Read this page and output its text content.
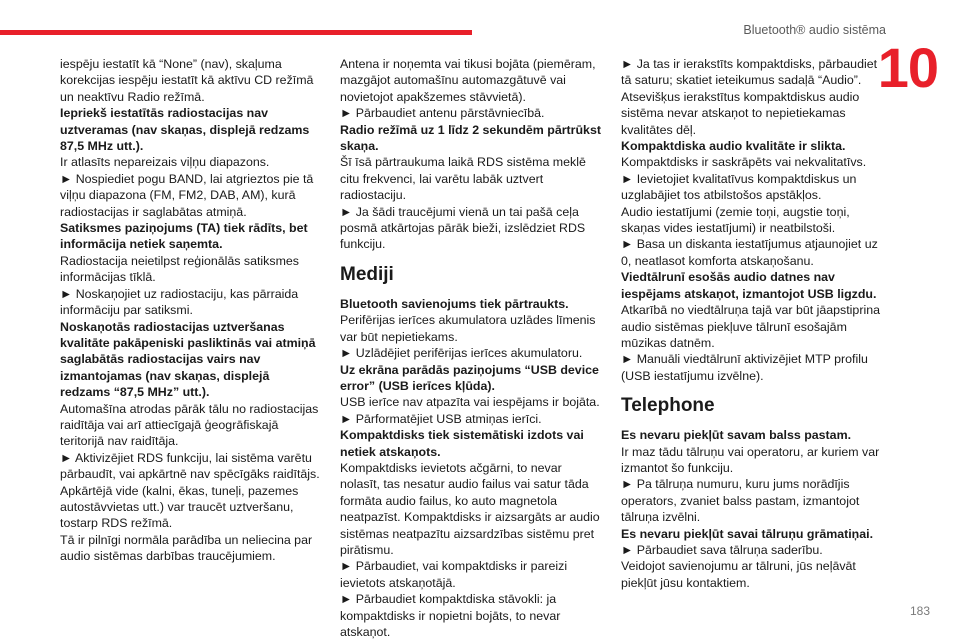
Bluetooth® audio sistēma
10

iespēju iestatīt kā “None” (nav), skaļuma korekcijas iespēju iestatīt kā aktīvu CD režīmā un neaktīvu Radio režīmā.

Iepriekš iestatītās radiostacijas nav uztveramas (nav skaņas, displejā redzams 87,5 MHz utt.).

Ir atlasīts nepareizais viļņu diapazons.

► Nospiediet pogu BAND, lai atgrieztos pie tā viļņu diapazona (FM, FM2, DAB, AM), kurā radiostacijas ir saglabātas atmiņā.

Satiksmes paziņojums (TA) tiek rādīts, bet informācija netiek saņemta.

Radiostacija neietilpst reģionālās satiksmes informācijas tīklā.

► Noskaņojiet uz radiostaciju, kas pārraida informāciju par satiksmi.

Noskaņotās radiostacijas uztveršanas kvalitāte pakāpeniski pasliktinās vai atmiņā saglabātās radiostacijas vairs nav izmantojamas (nav skaņas, displejā redzams “87,5 MHz” utt.).

Automašīna atrodas pārāk tālu no radiostacijas raidītāja vai arī attiecīgajā ģeogrāfiskajā teritorijā nav raidītāja.

► Aktivizējiet RDS funkciju, lai sistēma varētu pārbaudīt, vai apkārtnē nav spēcīgāks raidītājs.

Apkārtējā vide (kalni, ēkas, tuneļi, pazemes autostāvvietas utt.) var traucēt uztveršanu, tostarp RDS režīmā.

Tā ir pilnīgi normāla parādība un neliecina par audio sistēmas darbības traucējumiem.

Antena ir noņemta vai tikusi bojāta (piemēram, mazgājot automašīnu automazgātuvē vai novietojot apakšzemes stāvvietā).

► Pārbaudiet antenu pārstāvniecībā.

Radio režīmā uz 1 līdz 2 sekundēm pārtrūkst skaņa.

Šī īsā pārtraukuma laikā RDS sistēma meklē citu frekvenci, lai varētu labāk uztvert radiostaciju.

► Ja šādi traucējumi vienā un tai pašā ceļa posmā atkārtojas pārāk bieži, izslēdziet RDS funkciju.

Mediji

Bluetooth savienojums tiek pārtraukts.

Perifērijas ierīces akumulatora uzlādes līmenis var būt nepietiekams.

► Uzlādējiet perifērijas ierīces akumulatoru.

Uz ekrāna parādās paziņojums “USB device error” (USB ierīces kļūda).

USB ierīce nav atpazīta vai iespējams ir bojāta.

► Pārformatējiet USB atmiņas ierīci.

Kompaktdisks tiek sistemātiski izdots vai netiek atskaņots.

Kompaktdisks ievietots ačgārni, to nevar nolasīt, tas nesatur audio failus vai satur tāda formāta audio failus, ko auto magnetola neatpazīst. Kompaktdisks ir aizsargāts ar audio sistēmas neatpazītu aizsardzības sistēmu pret pirātismu.

► Pārbaudiet, vai kompaktdisks ir pareizi ievietots atskaņotājā.

► Pārbaudiet kompaktdiska stāvokli: ja kompaktdisks ir nopietni bojāts, to nevar atskaņot.

► Ja tas ir ierakstīts kompaktdisks, pārbaudiet tā saturu; skatiet ieteikumus sadaļā “Audio”.

Atsevišķus ierakstītus kompaktdiskus audio sistēma nevar atskaņot to nepietiekamas kvalitātes dēļ.

Kompaktdiska audio kvalitāte ir slikta.

Kompaktdisks ir saskrāpēts vai nekvalitatīvs.

► Ievietojiet kvalitatīvus kompaktdiskus un uzglabājiet tos atbilstošos apstākļos.

Audio iestatījumi (zemie toņi, augstie toņi, skaņas vides iestatījumi) ir neatbilstoši.

► Basa un diskanta iestatījumus atjaunojiet uz 0, neatlasot komforta atskaņošanu.

Viedtālrunī esošās audio datnes nav iespējams atskaņot, izmantojot USB ligzdu.

Atkarībā no viedtālruņa tajā var būt jāapstiprina audio sistēmas piekļuve tālrunī esošajām mūzikas datnēm.

► Manuāli viedtālrunī aktivizējiet MTP profilu (USB iestatījumu izvēlne).

Telephone

Es nevaru piekļūt savam balss pastam.

Ir maz tādu tālruņu vai operatoru, ar kuriem var izmantot šo funkciju.

► Pa tālruņa numuru, kuru jums norādījis operators, zvaniet balss pastam, izmantojot tālruņa izvēlni.

Es nevaru piekļūt savai tālruņu grāmatiņai.

► Pārbaudiet sava tālruņa saderību.

Veidojot savienojumu ar tālruni, jūs neļāvāt piekļūt jūsu kontaktiem.

183
